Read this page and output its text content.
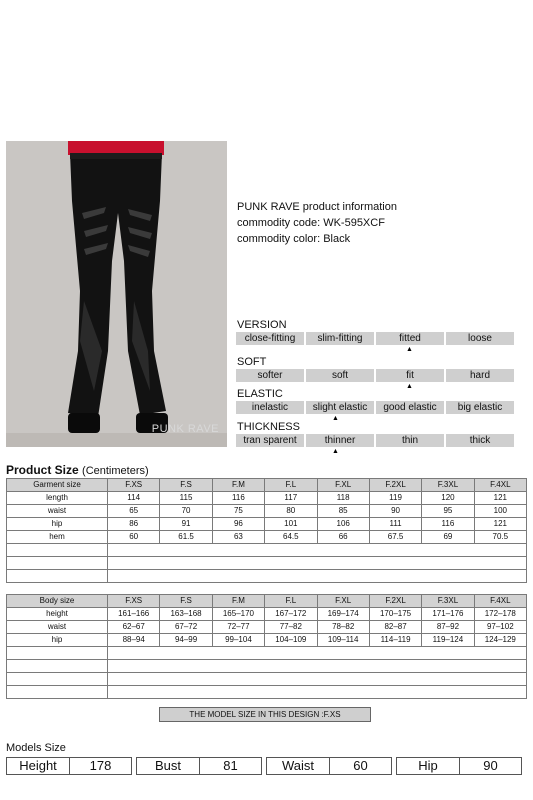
PUNK RAVE
PUNK RAVE product information
commodity code: WK-595XCF
commodity color: Black
VERSION
close-fitting	slim-fitting	fitted	loose
▲
SOFT
softer	soft	fit	hard
▲
ELASTIC
inelastic	slight elastic	good elastic	big elastic
▲
THICKNESS
tran sparent	thinner	thin	thick
▲
Product Size (Centimeters)
Garment size	F.XS	F.S	F.M	F.L	F.XL	F.2XL	F.3XL	F.4XL
length	114	115	116	117	118	119	120	121
waist	65	70	75	80	85	90	95	100
hip	86	91	96	101	106	111	116	121
hem	60	61.5	63	64.5	66	67.5	69	70.5

Body size	F.XS	F.S	F.M	F.L	F.XL	F.2XL	F.3XL	F.4XL
height	161–166	163–168	165–170	167–172	169–174	170–175	171–176	172–178
waist	62–67	67–72	72–77	77–82	78–82	82–87	87–92	97–102
hip	88–94	94–99	99–104	104–109	109–114	114–119	119–124	124–129

THE MODEL SIZE IN THIS DESIGN :F.XS
Models Size
Height	178	Bust	81	Waist	60	Hip	90
